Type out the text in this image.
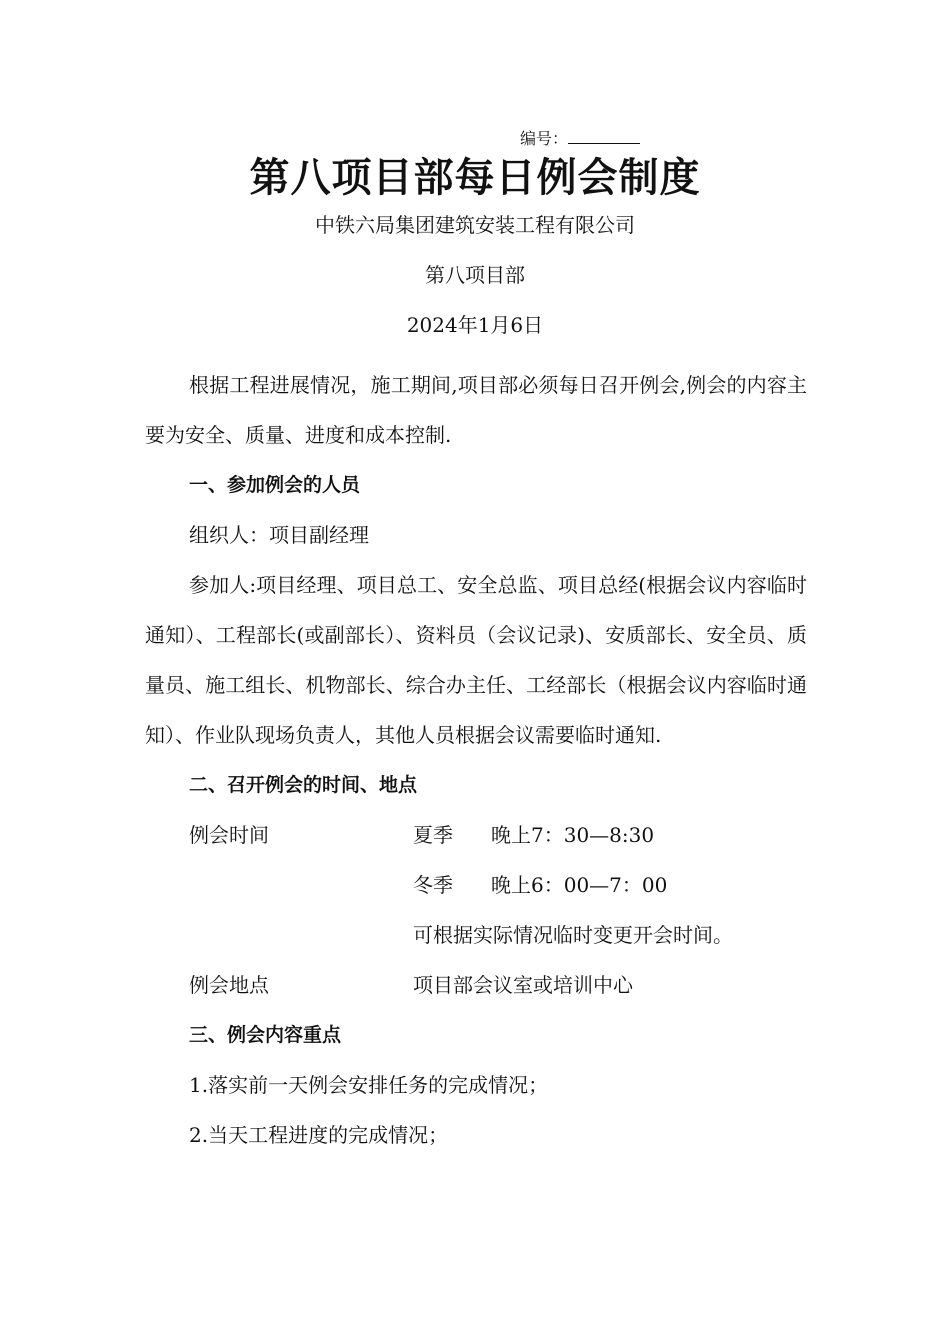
编号：
第八项目部每日例会制度
中铁六局集团建筑安装工程有限公司
第八项目部
2024年1月6日

根据工程进展情况，施工期间,项目部必须每日召开例会,例会的内容主要为安全、质量、进度和成本控制.

一、参加例会的人员

组织人：项目副经理

参加人:项目经理、项目总工、安全总监、项目总经(根据会议内容临时通知）、工程部长(或副部长）、资料员（会议记录)、安质部长、安全员、质量员、施工组长、机物部长、综合办主任、工经部长（根据会议内容临时通知）、作业队现场负责人，其他人员根据会议需要临时通知.

二、召开例会的时间、地点

例会时间	夏季 晚上7：30—8:30
冬季 晚上6：00—7：00
可根据实际情况临时变更开会时间。
例会地点	项目部会议室或培训中心

三、例会内容重点

1.落实前一天例会安排任务的完成情况；

2.当天工程进度的完成情况；
